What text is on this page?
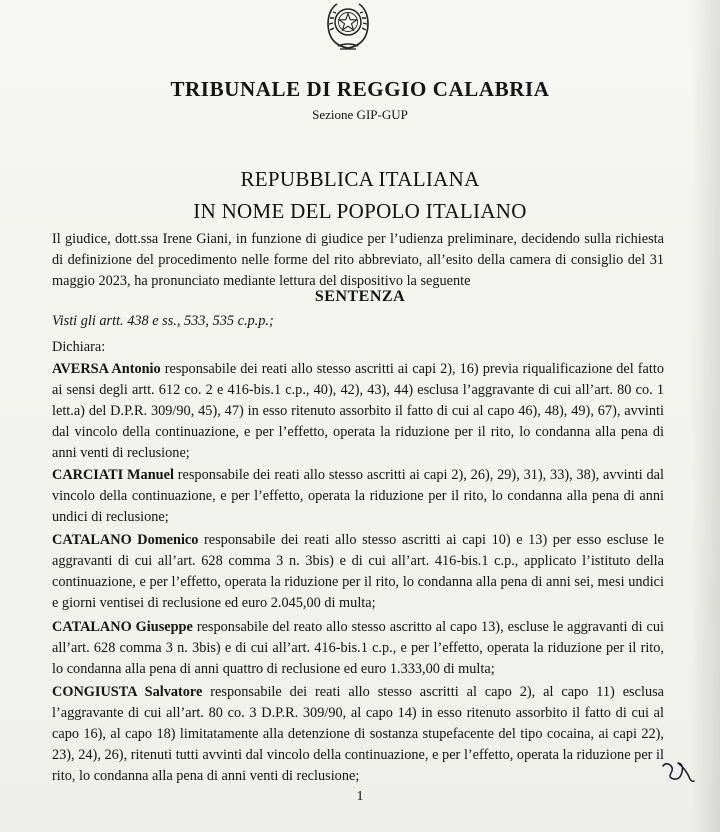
TRIBUNALE DI REGGIO CALABRIA
Sezione GIP-GUP
REPUBBLICA ITALIANA
IN NOME DEL POPOLO ITALIANO
Il giudice, dott.ssa Irene Giani, in funzione di giudice per l’udienza preliminare, decidendo sulla richiesta di definizione del procedimento nelle forme del rito abbreviato, all’esito della camera di consiglio del 31 maggio 2023, ha pronunciato mediante lettura del dispositivo la seguente
SENTENZA
Visti gli artt. 438 e ss., 533, 535 c.p.p.;
Dichiara:
AVERSA Antonio responsabile dei reati allo stesso ascritti ai capi 2), 16) previa riqualificazione del fatto ai sensi degli artt. 612 co. 2 e 416-bis.1 c.p., 40), 42), 43), 44) esclusa l’aggravante di cui all’art. 80 co. 1 lett.a) del D.P.R. 309/90, 45), 47) in esso ritenuto assorbito il fatto di cui al capo 46), 48), 49), 67), avvinti dal vincolo della continuazione, e per l’effetto, operata la riduzione per il rito, lo condanna alla pena di anni venti di reclusione;
CARCIATI Manuel responsabile dei reati allo stesso ascritti ai capi 2), 26), 29), 31), 33), 38), avvinti dal vincolo della continuazione, e per l’effetto, operata la riduzione per il rito, lo condanna alla pena di anni undici di reclusione;
CATALANO Domenico responsabile dei reati allo stesso ascritti ai capi 10) e 13) per esso escluse le aggravanti di cui all’art. 628 comma 3 n. 3bis) e di cui all’art. 416-bis.1 c.p., applicato l’istituto della continuazione, e per l’effetto, operata la riduzione per il rito, lo condanna alla pena di anni sei, mesi undici e giorni ventisei di reclusione ed euro 2.045,00 di multa;
CATALANO Giuseppe responsabile del reato allo stesso ascritto al capo 13), escluse le aggravanti di cui all’art. 628 comma 3 n. 3bis) e di cui all’art. 416-bis.1 c.p., e per l’effetto, operata la riduzione per il rito, lo condanna alla pena di anni quattro di reclusione ed euro 1.333,00 di multa;
CONGIUSTA Salvatore responsabile dei reati allo stesso ascritti al capo 2), al capo 11) esclusa l’aggravante di cui all’art. 80 co. 3 D.P.R. 309/90, al capo 14) in esso ritenuto assorbito il fatto di cui al capo 16), al capo 18) limitatamente alla detenzione di sostanza stupefacente del tipo cocaina, ai capi 22), 23), 24), 26), ritenuti tutti avvinti dal vincolo della continuazione, e per l’effetto, operata la riduzione per il rito, lo condanna alla pena di anni venti di reclusione;
1
